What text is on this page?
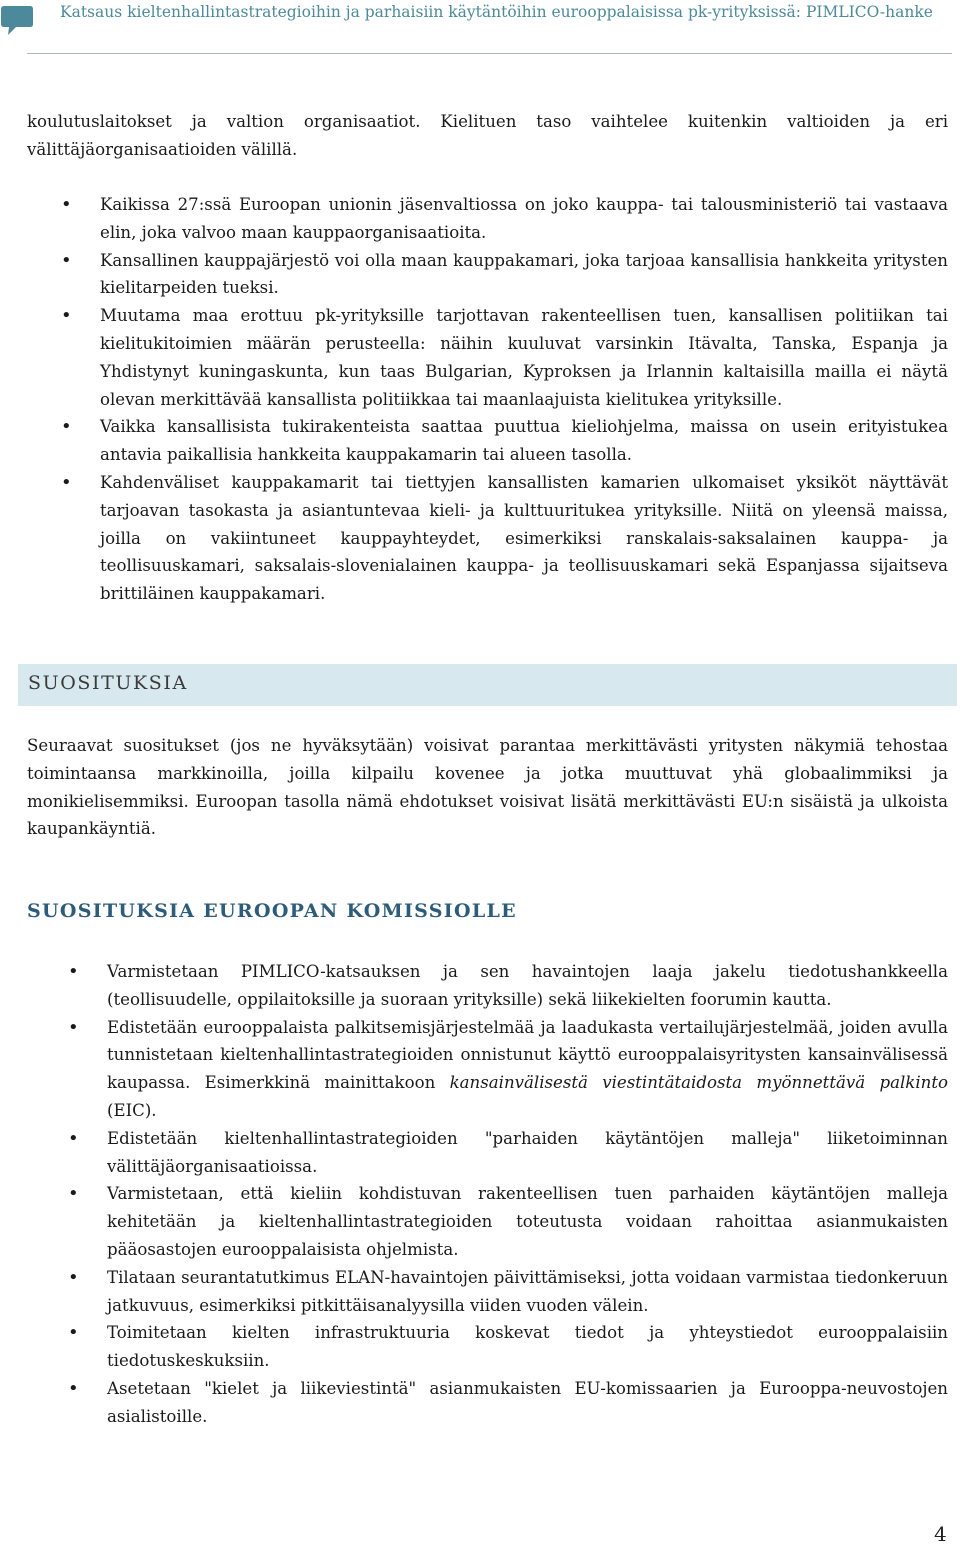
Katsaus kieltenhallintastrategioihin ja parhaisiin käytäntöihin eurooppalaisissa pk-yrityksissä: PIMLICO-hanke

koulutuslaitokset ja valtion organisaatiot. Kielituen taso vaihtelee kuitenkin valtioiden ja eri välittäjäorganisaatioiden välillä.

• Kaikissa 27:ssä Euroopan unionin jäsenvaltiossa on joko kauppa- tai talousministeriö tai vastaava elin, joka valvoo maan kauppaorganisaatioita.
• Kansallinen kauppajärjestö voi olla maan kauppakamari, joka tarjoaa kansallisia hankkeita yritysten kielitarpeiden tueksi.
• Muutama maa erottuu pk-yrityksille tarjottavan rakenteellisen tuen, kansallisen politiikan tai kielitukitoimien määrän perusteella: näihin kuuluvat varsinkin Itävalta, Tanska, Espanja ja Yhdistynyt kuningaskunta, kun taas Bulgarian, Kyproksen ja Irlannin kaltaisilla mailla ei näytä olevan merkittävää kansallista politiikkaa tai maanlaajuista kielitukea yrityksille.
• Vaikka kansallisista tukirakenteista saattaa puuttua kieliohjelma, maissa on usein erityistukea antavia paikallisia hankkeita kauppakamarin tai alueen tasolla.
• Kahdenväliset kauppakamarit tai tiettyjen kansallisten kamarien ulkomaiset yksiköt näyttävät tarjoavan tasokasta ja asiantuntevaa kieli- ja kulttuuritukea yrityksille. Niitä on yleensä maissa, joilla on vakiintuneet kauppayhteydet, esimerkiksi ranskalais-saksalainen kauppa- ja teollisuuskamari, saksalais-slovenialainen kauppa- ja teollisuuskamari sekä Espanjassa sijaitseva brittiläinen kauppakamari.
SUOSITUKSIA

Seuraavat suositukset (jos ne hyväksytään) voisivat parantaa merkittävästi yritysten näkymiä tehostaa toimintaansa markkinoilla, joilla kilpailu kovenee ja jotka muuttuvat yhä globaalimmiksi ja monikielisemmiksi. Euroopan tasolla nämä ehdotukset voisivat lisätä merkittävästi EU:n sisäistä ja ulkoista kaupankäyntiä.

SUOSITUKSIA EUROOPAN KOMISSIOLLE
• Varmistetaan PIMLICO-katsauksen ja sen havaintojen laaja jakelu tiedotushankkeella (teollisuudelle, oppilaitoksille ja suoraan yrityksille) sekä liikekielten foorumin kautta.
• Edistetään eurooppalaista palkitsemisjärjestelmää ja laadukasta vertailujärjestelmää, joiden avulla tunnistetaan kieltenhallintastrategioiden onnistunut käyttö eurooppalaisyritysten kansainvälisessä kaupassa. Esimerkkinä mainittakoon kansainvälisestä viestintätaidosta myönnettävä palkinto (EIC).
• Edistetään kieltenhallintastrategioiden "parhaiden käytäntöjen malleja" liiketoiminnan välittäjäorganisaatioissa.
• Varmistetaan, että kieliin kohdistuvan rakenteellisen tuen parhaiden käytäntöjen malleja kehitetään ja kieltenhallintastrategioiden toteutusta voidaan rahoittaa asianmukaisten pääosastojen eurooppalaisista ohjelmista.
• Tilataan seurantatutkimus ELAN-havaintojen päivittämiseksi, jotta voidaan varmistaa tiedonkeruun jatkuvuus, esimerkiksi pitkittäisanalyysilla viiden vuoden välein.
• Toimitetaan kielten infrastruktuuria koskevat tiedot ja yhteystiedot eurooppalaisiin tiedotuskeskuksiin.
• Asetetaan "kielet ja liikeviestintä" asianmukaisten EU-komissaarien ja Eurooppa-neuvostojen asialistoille.
4
